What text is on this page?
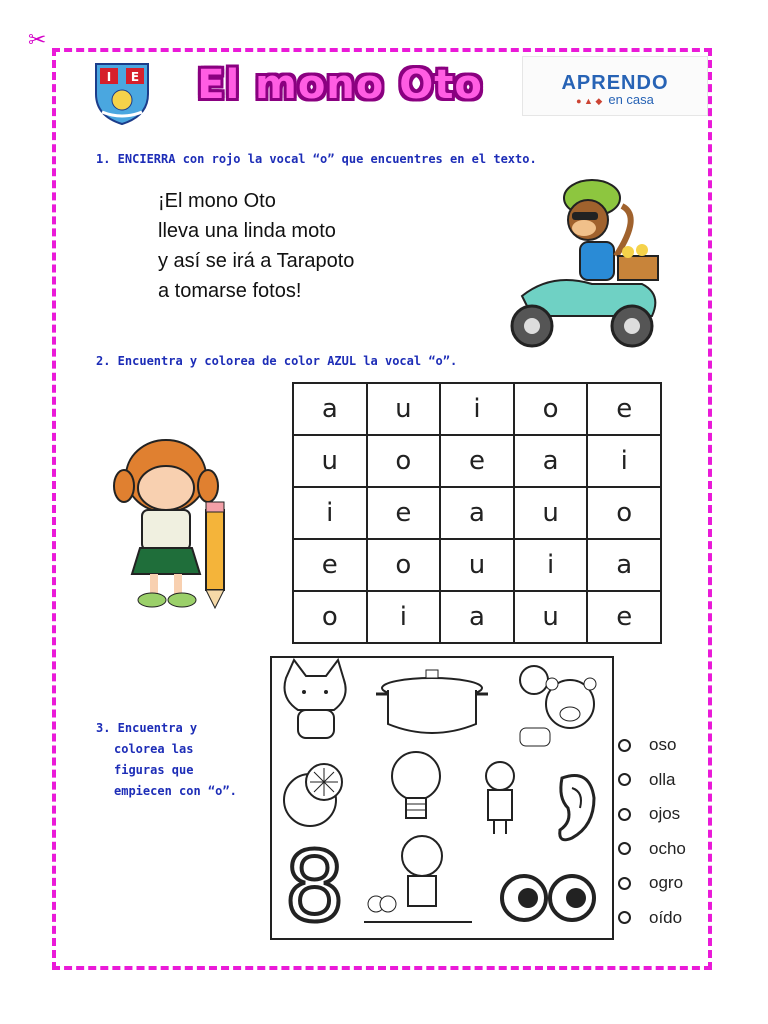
✂
I E El mono Oto	APRENDO
● ▲ ◆ en casa
1. ENCIERRA con rojo la vocal “o” que encuentres en el texto.
¡El mono Oto
lleva una linda moto
y así se irá a Tarapoto
a tomarse fotos!
2. Encuentra y colorea de color AZUL la vocal “o”.
a	u	i	o	e
u	o	e	a	i
i	e	a	u	o
e	o	u	i	a
o	i	a	u	e
3. Encuentra y
colorea las
figuras que
empiecen con “o”.
8
oso
olla
ojos
ocho
ogro
oído
